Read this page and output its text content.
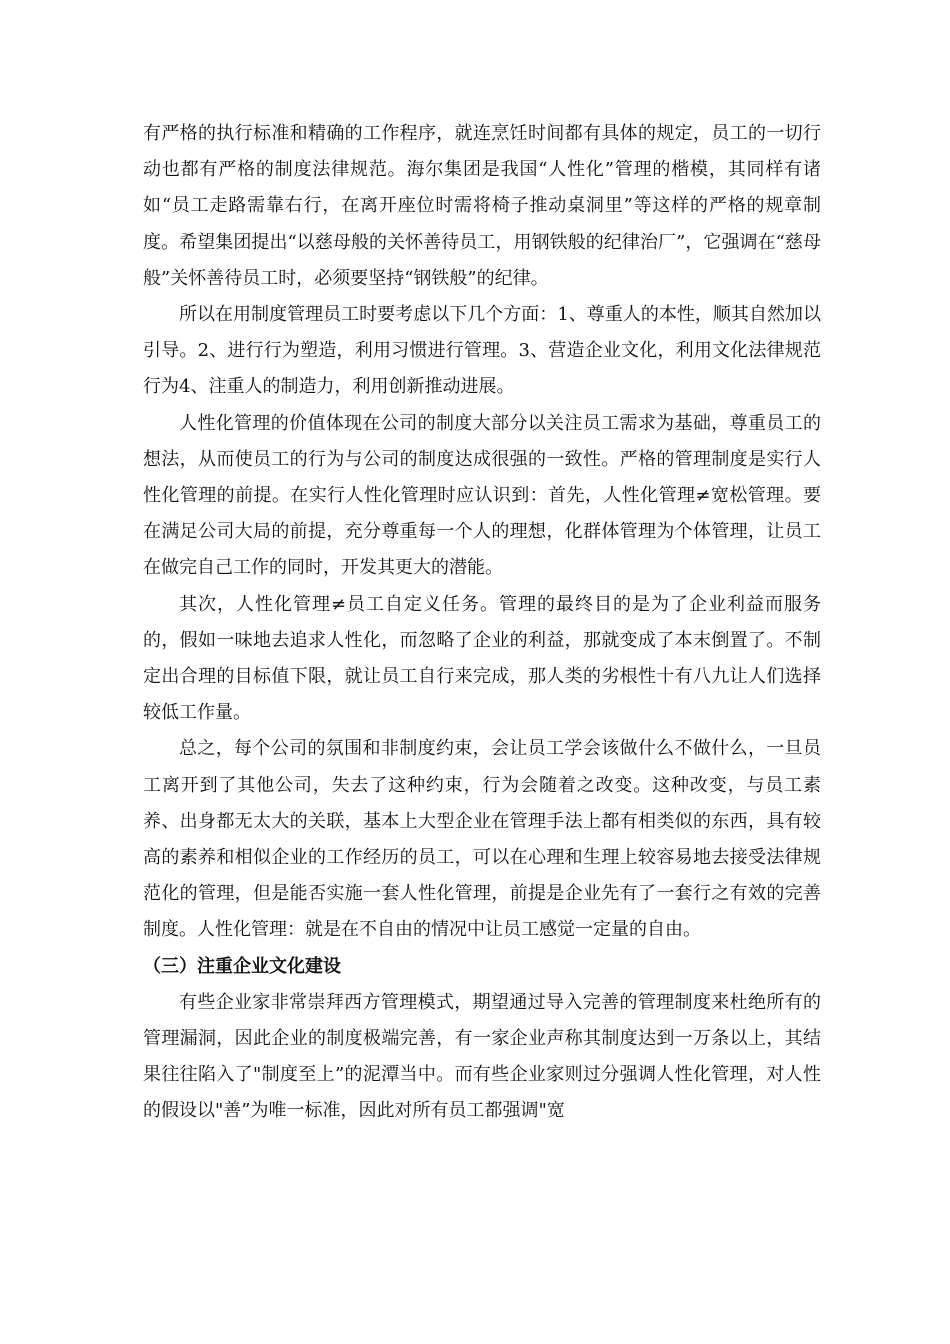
有严格的执行标准和精确的工作程序，就连烹饪时间都有具体的规定，员工的一切行动也都有严格的制度法律规范。海尔集团是我国“人性化”管理的楷模，其同样有诸如“员工走路需靠右行，在离开座位时需将椅子推动桌洞里”等这样的严格的规章制度。希望集团提出“以慈母般的关怀善待员工，用钢铁般的纪律治厂”，它强调在“慈母般”关怀善待员工时，必须要坚持“钢铁般”的纪律。

所以在用制度管理员工时要考虑以下几个方面：1、尊重人的本性，顺其自然加以引导。2、进行行为塑造，利用习惯进行管理。3、营造企业文化，利用文化法律规范行为4、注重人的制造力，利用创新推动进展。

人性化管理的价值体现在公司的制度大部分以关注员工需求为基础，尊重员工的想法，从而使员工的行为与公司的制度达成很强的一致性。严格的管理制度是实行人性化管理的前提。在实行人性化管理时应认识到：首先，人性化管理≠宽松管理。要在满足公司大局的前提，充分尊重每一个人的理想，化群体管理为个体管理，让员工在做完自己工作的同时，开发其更大的潜能。

其次，人性化管理≠员工自定义任务。管理的最终目的是为了企业利益而服务的，假如一味地去追求人性化，而忽略了企业的利益，那就变成了本末倒置了。不制定出合理的目标值下限，就让员工自行来完成，那人类的劣根性十有八九让人们选择较低工作量。

总之，每个公司的氛围和非制度约束，会让员工学会该做什么不做什么，一旦员工离开到了其他公司，失去了这种约束，行为会随着之改变。这种改变，与员工素养、出身都无太大的关联，基本上大型企业在管理手法上都有相类似的东西，具有较高的素养和相似企业的工作经历的员工，可以在心理和生理上较容易地去接受法律规范化的管理，但是能否实施一套人性化管理，前提是企业先有了一套行之有效的完善制度。人性化管理：就是在不自由的情况中让员工感觉一定量的自由。

（三）注重企业文化建设

有些企业家非常崇拜西方管理模式，期望通过导入完善的管理制度来杜绝所有的管理漏洞，因此企业的制度极端完善，有一家企业声称其制度达到一万条以上，其结果往往陷入了"制度至上”的泥潭当中。而有些企业家则过分强调人性化管理，对人性的假设以"善”为唯一标准，因此对所有员工都强调"宽
